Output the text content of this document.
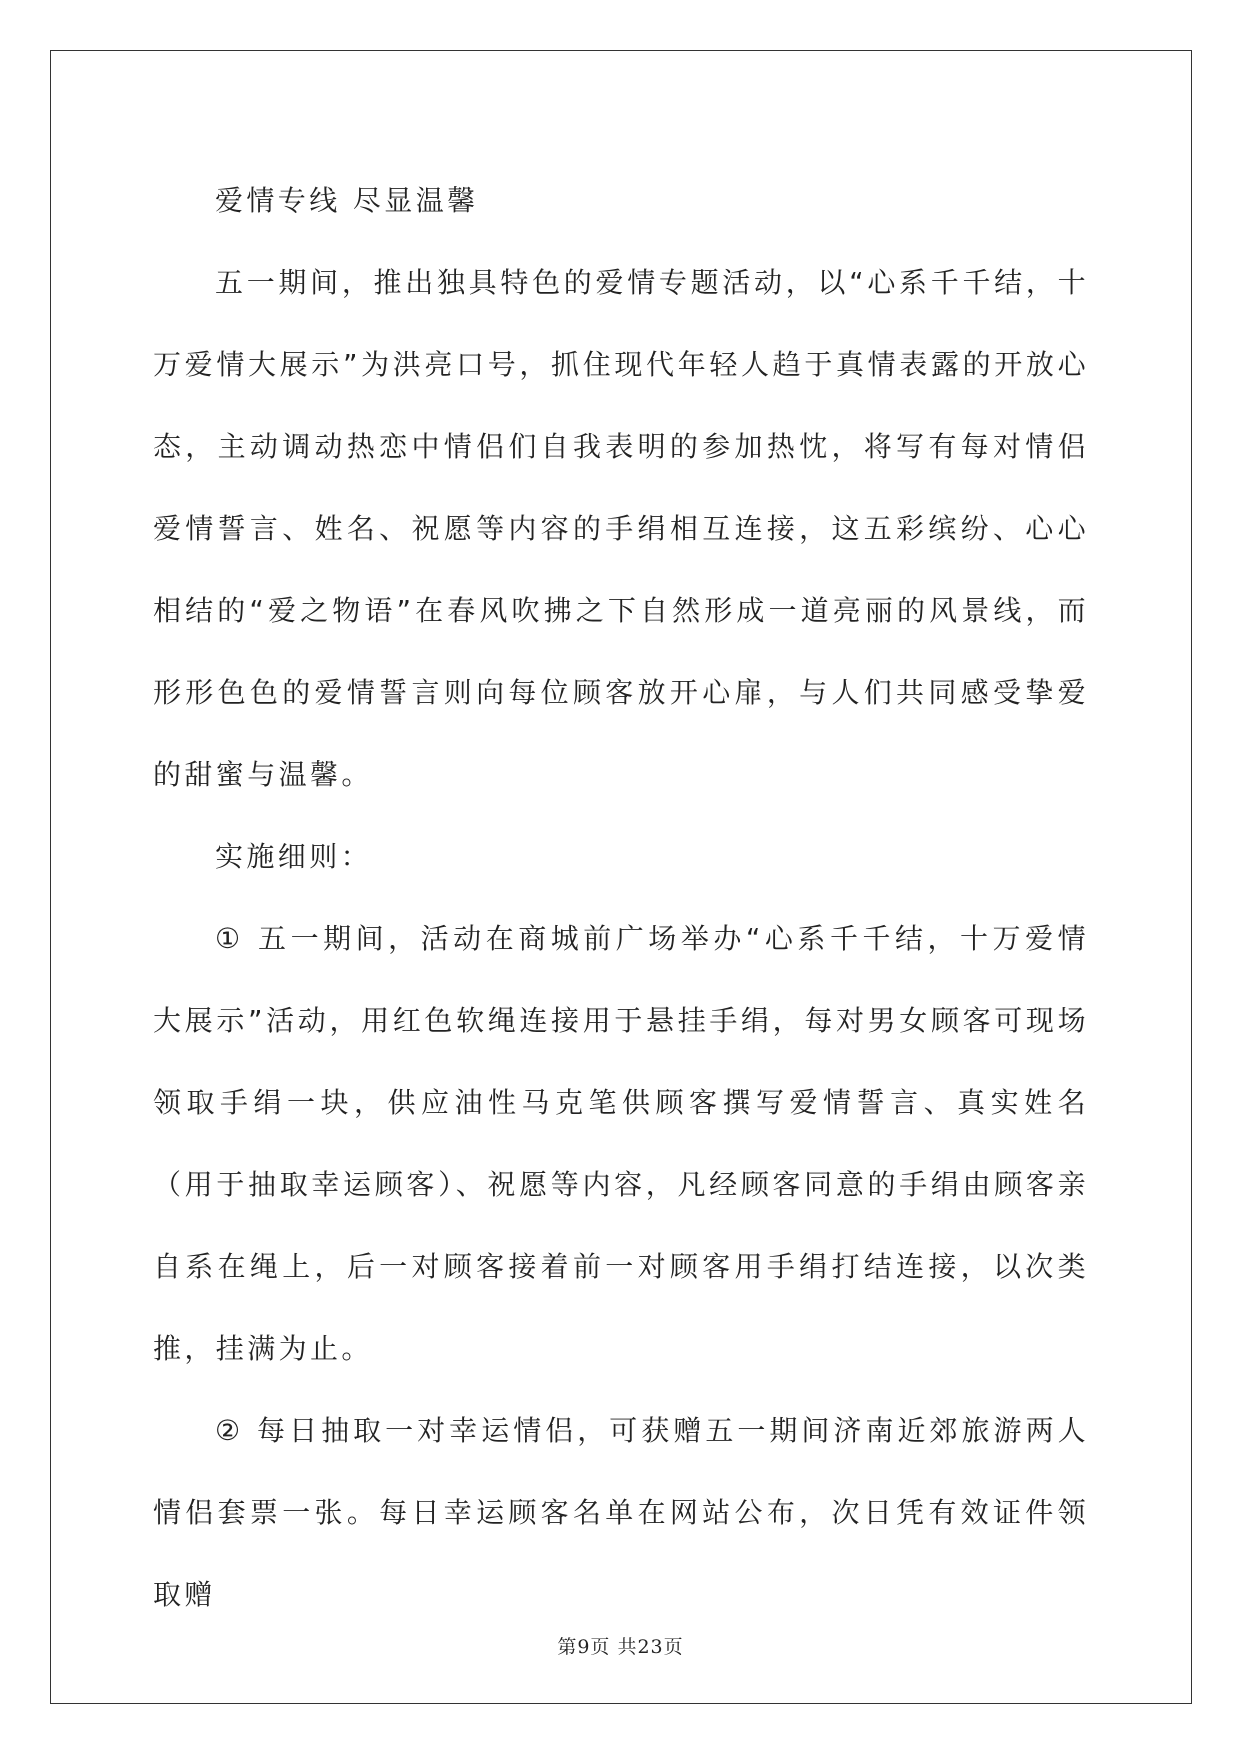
爱情专线 尽显温馨

五一期间，推出独具特色的爱情专题活动，以“心系千千结，十万爱情大展示”为洪亮口号，抓住现代年轻人趋于真情表露的开放心态，主动调动热恋中情侣们自我表明的参加热忱，将写有每对情侣爱情誓言、姓名、祝愿等内容的手绢相互连接，这五彩缤纷、心心相结的“爱之物语”在春风吹拂之下自然形成一道亮丽的风景线，而形形色色的爱情誓言则向每位顾客放开心扉，与人们共同感受挚爱的甜蜜与温馨。

实施细则：

① 五一期间，活动在商城前广场举办“心系千千结，十万爱情大展示”活动，用红色软绳连接用于悬挂手绢，每对男女顾客可现场领取手绢一块，供应油性马克笔供顾客撰写爱情誓言、真实姓名（用于抽取幸运顾客）、祝愿等内容，凡经顾客同意的手绢由顾客亲自系在绳上，后一对顾客接着前一对顾客用手绢打结连接，以次类推，挂满为止。

② 每日抽取一对幸运情侣，可获赠五一期间济南近郊旅游两人情侣套票一张。每日幸运顾客名单在网站公布，次日凭有效证件领取赠

第9页 共23页
